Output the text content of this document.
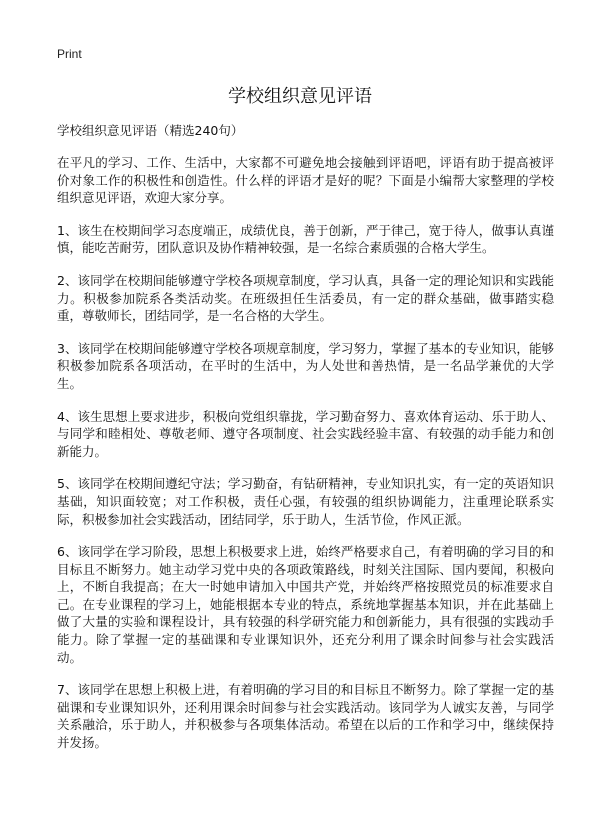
Print
学校组织意见评语

学校组织意见评语（精选240句）

在平凡的学习、工作、生活中，大家都不可避免地会接触到评语吧，评语有助于提高被评价对象工作的积极性和创造性。什么样的评语才是好的呢？下面是小编帮大家整理的学校组织意见评语，欢迎大家分享。

1、该生在校期间学习态度端正，成绩优良，善于创新，严于律己，宽于待人，做事认真谨慎，能吃苦耐劳，团队意识及协作精神较强，是一名综合素质强的合格大学生。

2、该同学在校期间能够遵守学校各项规章制度，学习认真，具备一定的理论知识和实践能力。积极参加院系各类活动奖。在班级担任生活委员，有一定的群众基础，做事踏实稳重，尊敬师长，团结同学，是一名合格的大学生。

3、该同学在校期间能够遵守学校各项规章制度，学习努力，掌握了基本的专业知识，能够积极参加院系各项活动，在平时的生活中，为人处世和善热情，是一名品学兼优的大学生。

4、该生思想上要求进步，积极向党组织靠拢，学习勤奋努力、喜欢体育运动、乐于助人、与同学和睦相处、尊敬老师、遵守各项制度、社会实践经验丰富、有较强的动手能力和创新能力。

5、该同学在校期间遵纪守法；学习勤奋，有钻研精神，专业知识扎实，有一定的英语知识基础，知识面较宽；对工作积极，责任心强，有较强的组织协调能力，注重理论联系实际，积极参加社会实践活动，团结同学，乐于助人，生活节俭，作风正派。

6、该同学在学习阶段，思想上积极要求上进，始终严格要求自己，有着明确的学习目的和目标且不断努力。她主动学习党中央的各项政策路线，时刻关注国际、国内要闻，积极向上，不断自我提高；在大一时她申请加入中国共产党，并始终严格按照党员的标准要求自己。在专业课程的学习上，她能根据本专业的特点，系统地掌握基本知识，并在此基础上做了大量的实验和课程设计，具有较强的科学研究能力和创新能力，具有很强的实践动手能力。除了掌握一定的基础课和专业课知识外，还充分利用了课余时间参与社会实践活动。

7、该同学在思想上积极上进，有着明确的学习目的和目标且不断努力。除了掌握一定的基础课和专业课知识外，还利用课余时间参与社会实践活动。该同学为人诚实友善，与同学关系融洽，乐于助人，并积极参与各项集体活动。希望在以后的工作和学习中，继续保持并发扬。
